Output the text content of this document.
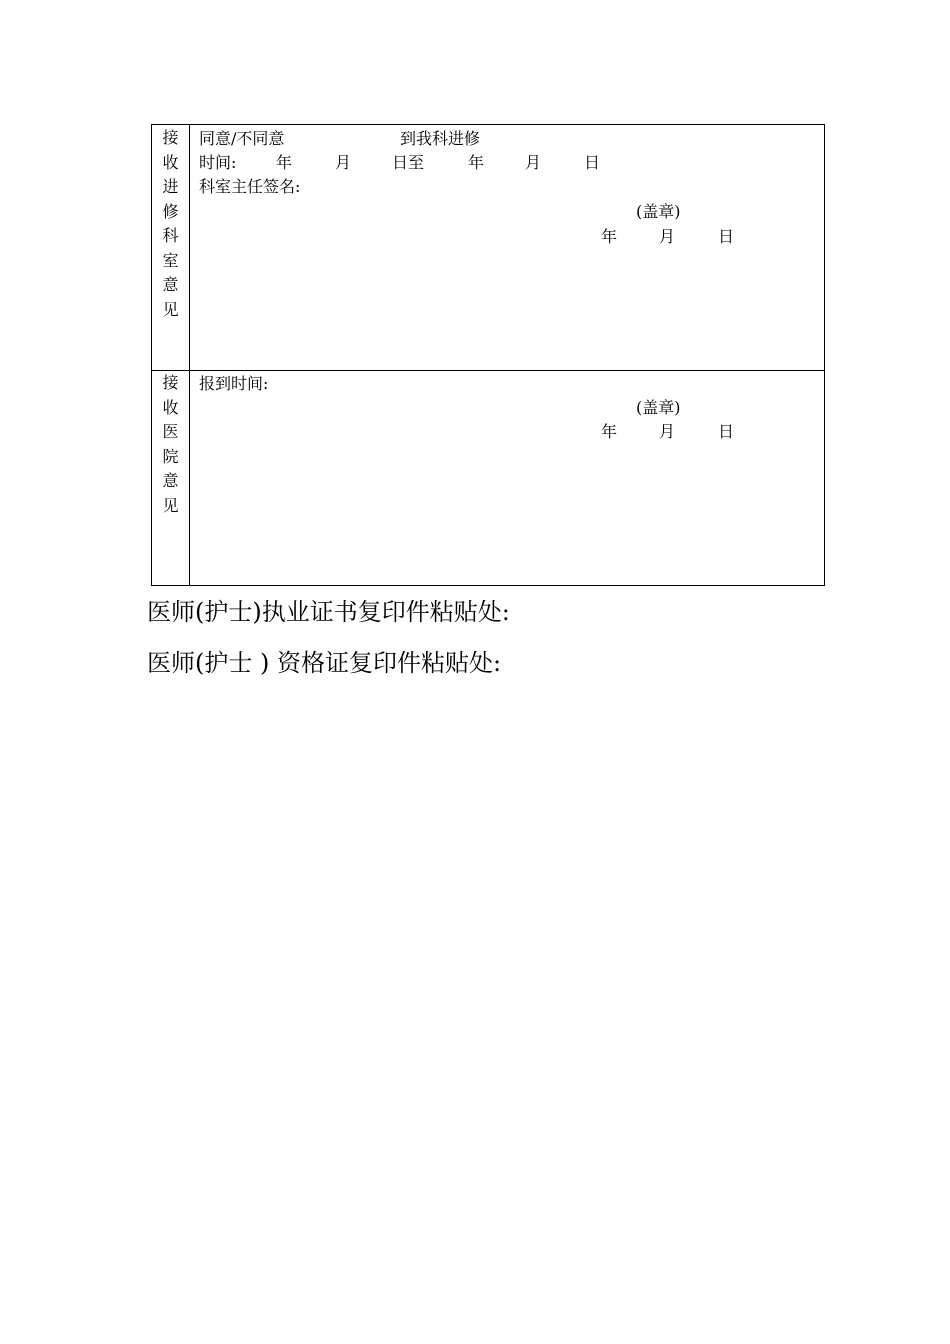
接
收
进
修
科
室
意
见
同意/不同意	到我科进修
时间: 年	月	日至	年	月	日
科室主任签名:
(盖章)
年	月	日
接
收
医
院
意
见
报到时间:
(盖章)
年	月	日
医师(护士)执业证书复印件粘贴处:
医师(护士 ) 资格证复印件粘贴处:
